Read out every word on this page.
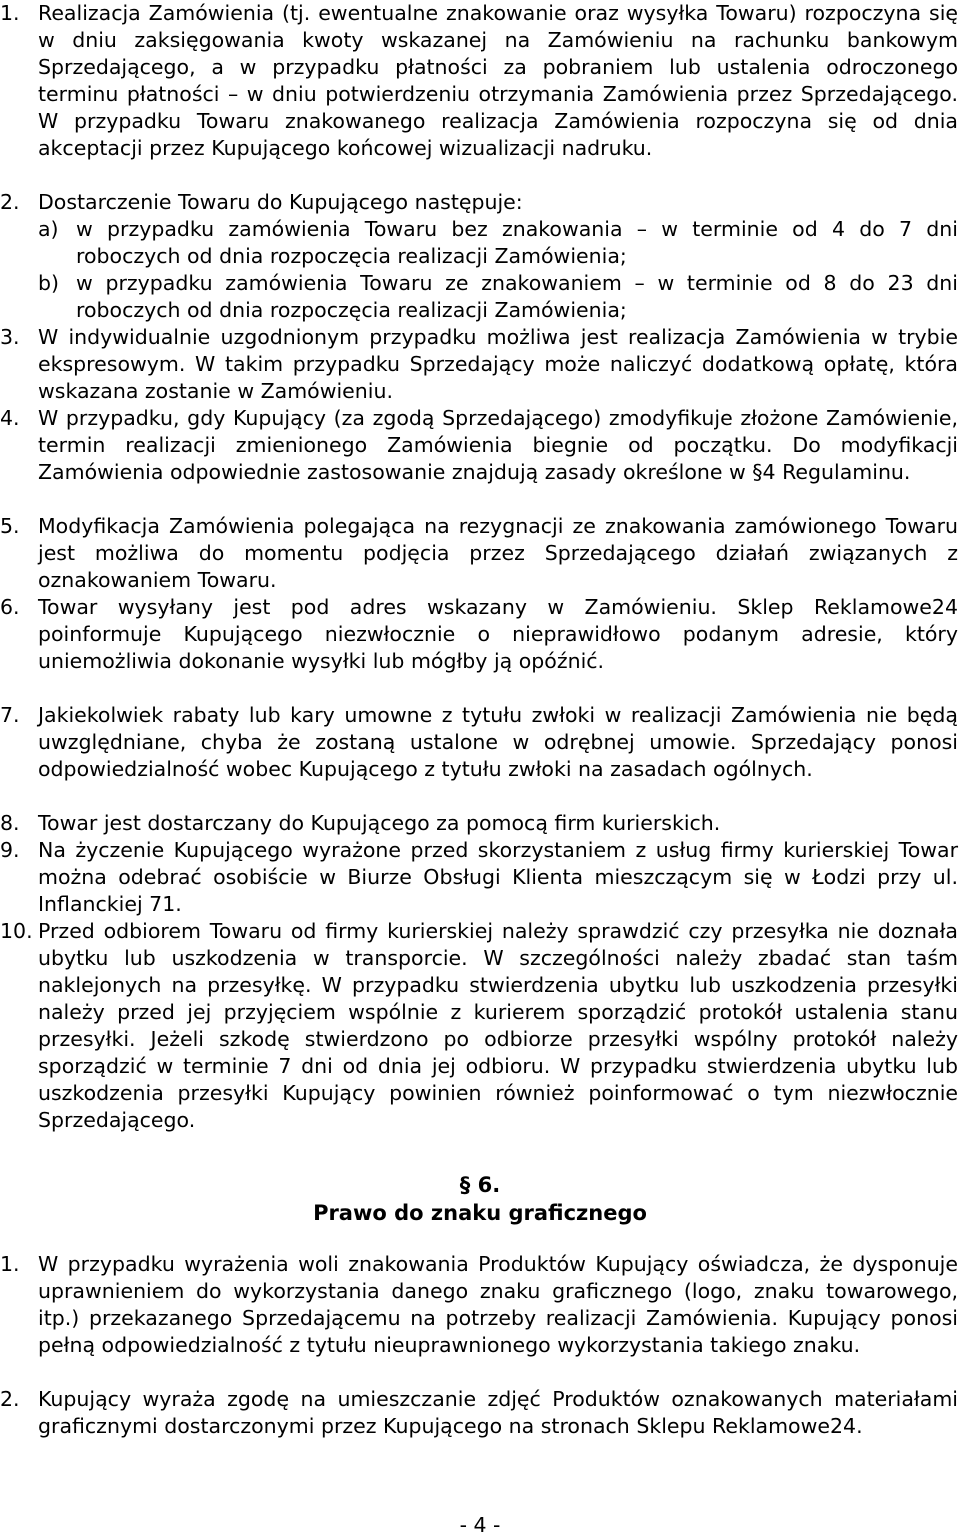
1. Realizacja Zamówienia (tj. ewentualne znakowanie oraz wysyłka Towaru) rozpoczyna się w dniu zaksięgowania kwoty wskazanej na Zamówieniu na rachunku bankowym Sprzedającego, a w przypadku płatności za pobraniem lub ustalenia odroczonego terminu płatności – w dniu potwierdzeniu otrzymania Zamówienia przez Sprzedającego. W przypadku Towaru znakowanego realizacja Zamówienia rozpoczyna się od dnia akceptacji przez Kupującego końcowej wizualizacji nadruku.
2. Dostarczenie Towaru do Kupującego następuje:
a) w przypadku zamówienia Towaru bez znakowania – w terminie od 4 do 7 dni roboczych od dnia rozpoczęcia realizacji Zamówienia;
b) w przypadku zamówienia Towaru ze znakowaniem – w terminie od 8 do 23 dni roboczych od dnia rozpoczęcia realizacji Zamówienia;
3. W indywidualnie uzgodnionym przypadku możliwa jest realizacja Zamówienia w trybie ekspresowym. W takim przypadku Sprzedający może naliczyć dodatkową opłatę, która wskazana zostanie w Zamówieniu.
4. W przypadku, gdy Kupujący (za zgodą Sprzedającego) zmodyfikuje złożone Zamówienie, termin realizacji zmienionego Zamówienia biegnie od początku. Do modyfikacji Zamówienia odpowiednie zastosowanie znajdują zasady określone w §4 Regulaminu.
5. Modyfikacja Zamówienia polegająca na rezygnacji ze znakowania zamówionego Towaru jest możliwa do momentu podjęcia przez Sprzedającego działań związanych z oznakowaniem Towaru.
6. Towar wysyłany jest pod adres wskazany w Zamówieniu. Sklep Reklamowe24 poinformuje Kupującego niezwłocznie o nieprawidłowo podanym adresie, który uniemożliwia dokonanie wysyłki lub mógłby ją opóźnić.
7. Jakiekolwiek rabaty lub kary umowne z tytułu zwłoki w realizacji Zamówienia nie będą uwzględniane, chyba że zostaną ustalone w odrębnej umowie. Sprzedający ponosi odpowiedzialność wobec Kupującego z tytułu zwłoki na zasadach ogólnych.
8. Towar jest dostarczany do Kupującego za pomocą firm kurierskich.
9. Na życzenie Kupującego wyrażone przed skorzystaniem z usług firmy kurierskiej Towar można odebrać osobiście w Biurze Obsługi Klienta mieszczącym się w Łodzi przy ul. Inflanckiej 71.
10. Przed odbiorem Towaru od firmy kurierskiej należy sprawdzić czy przesyłka nie doznała ubytku lub uszkodzenia w transporcie. W szczególności należy zbadać stan taśm naklejonych na przesyłkę. W przypadku stwierdzenia ubytku lub uszkodzenia przesyłki należy przed jej przyjęciem wspólnie z kurierem sporządzić protokół ustalenia stanu przesyłki. Jeżeli szkodę stwierdzono po odbiorze przesyłki wspólny protokół należy sporządzić w terminie 7 dni od dnia jej odbioru. W przypadku stwierdzenia ubytku lub uszkodzenia przesyłki Kupujący powinien również poinformować o tym niezwłocznie Sprzedającego.
§ 6.
Prawo do znaku graficznego
1. W przypadku wyrażenia woli znakowania Produktów Kupujący oświadcza, że dysponuje uprawnieniem do wykorzystania danego znaku graficznego (logo, znaku towarowego, itp.) przekazanego Sprzedającemu na potrzeby realizacji Zamówienia. Kupujący ponosi pełną odpowiedzialność z tytułu nieuprawnionego wykorzystania takiego znaku.
2. Kupujący wyraża zgodę na umieszczanie zdjęć Produktów oznakowanych materiałami graficznymi dostarczonymi przez Kupującego na stronach Sklepu Reklamowe24.
- 4 -
